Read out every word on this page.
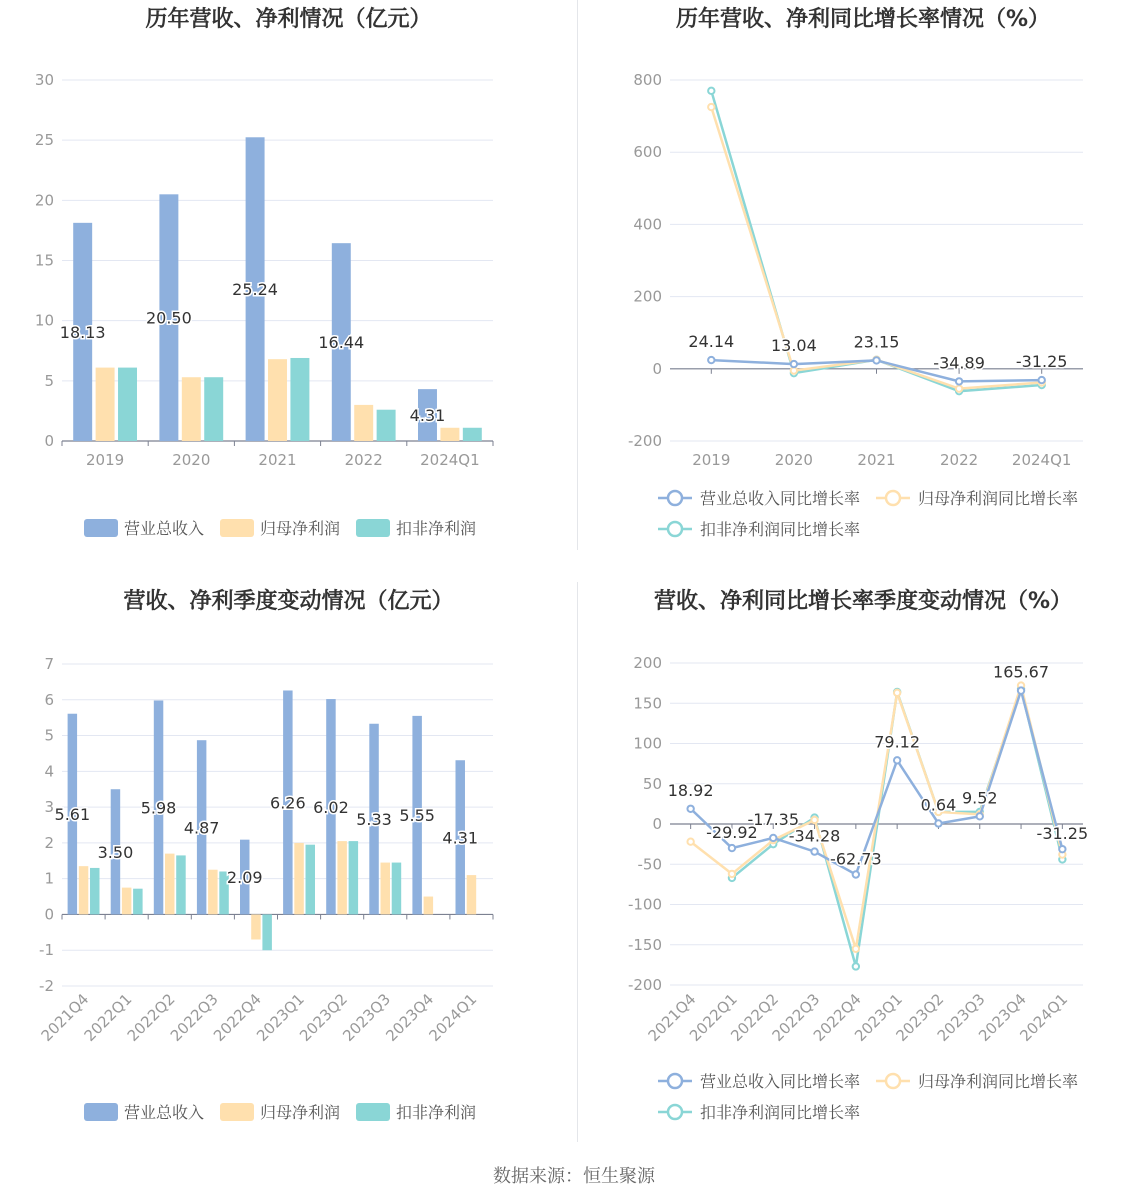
历年营收、净利情况（亿元）
0
5
10
15
20
25
30
2019	2020	2021	2022 2024Q1
18.13
20.50
25.24
16.44
4.31
营业总收入	归母净利润	扣非净利润
历年营收、净利同比增长率情况（%）
-200
0
200
400
600
800
2019	2020	2021	2022 2024Q1
24.14 13.04 23.15
-34.89 -31.25
营业总收入同比增长率	归母净利润同比增长率
扣非净利润同比增长率
营收、净利季度变动情况（亿元）
-2
-1
0
1
2
3
4
5
6
7
2021Q4
2022Q1
2022Q2
2022Q3
2022Q4
2023Q1
2023Q2
2023Q3
2023Q4
2024Q1
5.61
3.50
5.98
4.87
2.09
6.26 6.02
5.33 5.55
4.31
营业总收入	归母净利润	扣非净利润
营收、净利同比增长率季度变动情况（%）
-200
-150
-100
-50
0
50
100
150
200
2021Q4
2022Q1
2022Q2
2022Q3
2022Q4
2023Q1
2023Q2
2023Q3
2023Q4
2024Q1
18.92
-29.92
-17.35
-34.28
-62.73
79.12
0.64 9.52
165.67
-31.25
营业总收入同比增长率	归母净利润同比增长率
扣非净利润同比增长率
数据来源：恒生聚源
